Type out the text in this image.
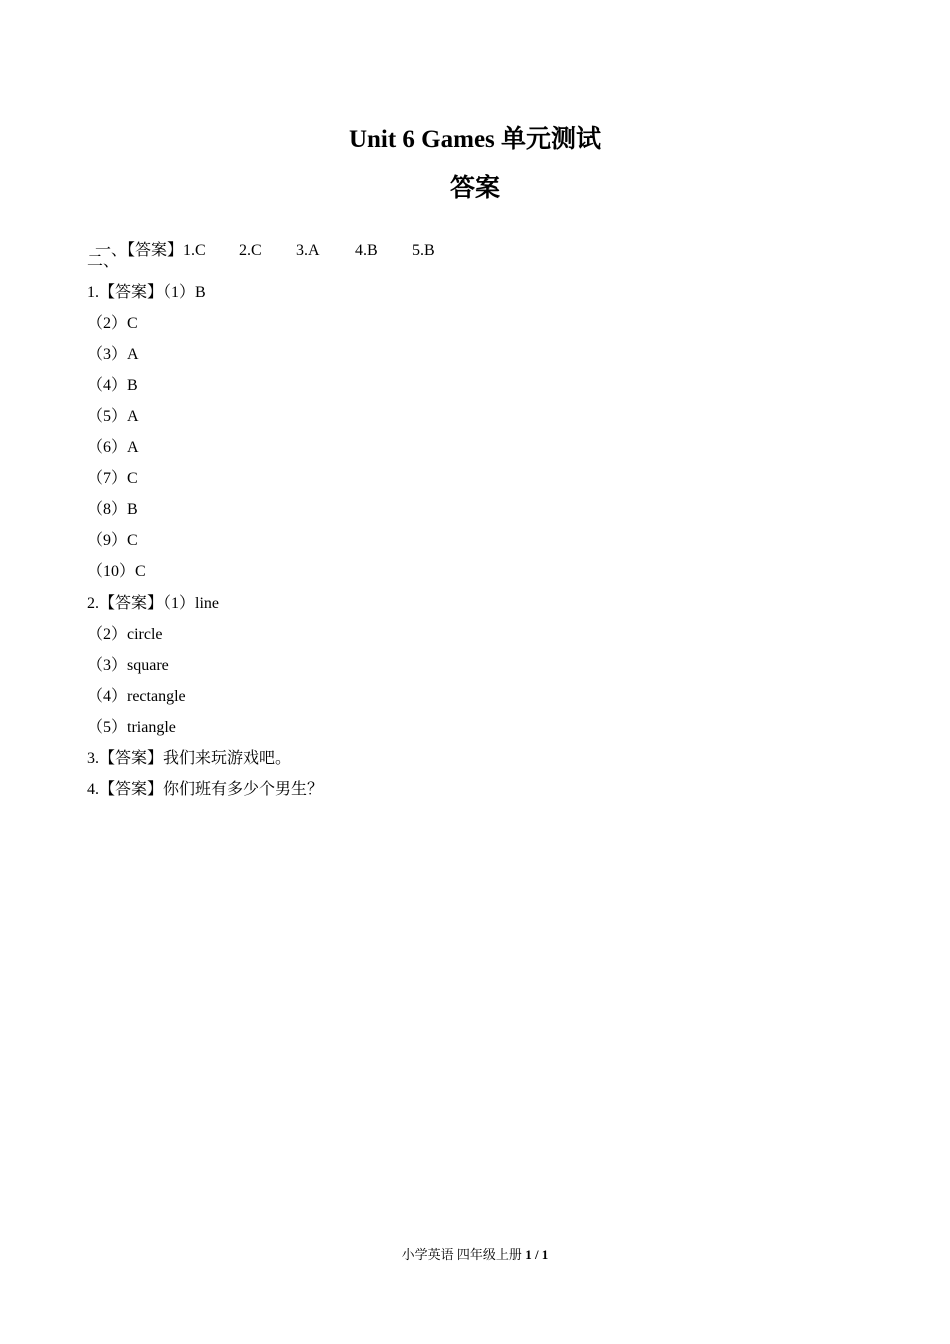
Unit 6 Games 单元测试
答案

一、【答案】1.C 2.C 3.A 4.B 5.B

二、
1.【答案】（1）B
（2）C
（3）A
（4）B
（5）A
（6）A
（7）C
（8）B
（9）C
（10）C
2.【答案】（1）line
（2）circle
（3）square
（4）rectangle
（5）triangle
3.【答案】我们来玩游戏吧。
4.【答案】你们班有多少个男生？
小学英语 四年级上册 1 / 1
